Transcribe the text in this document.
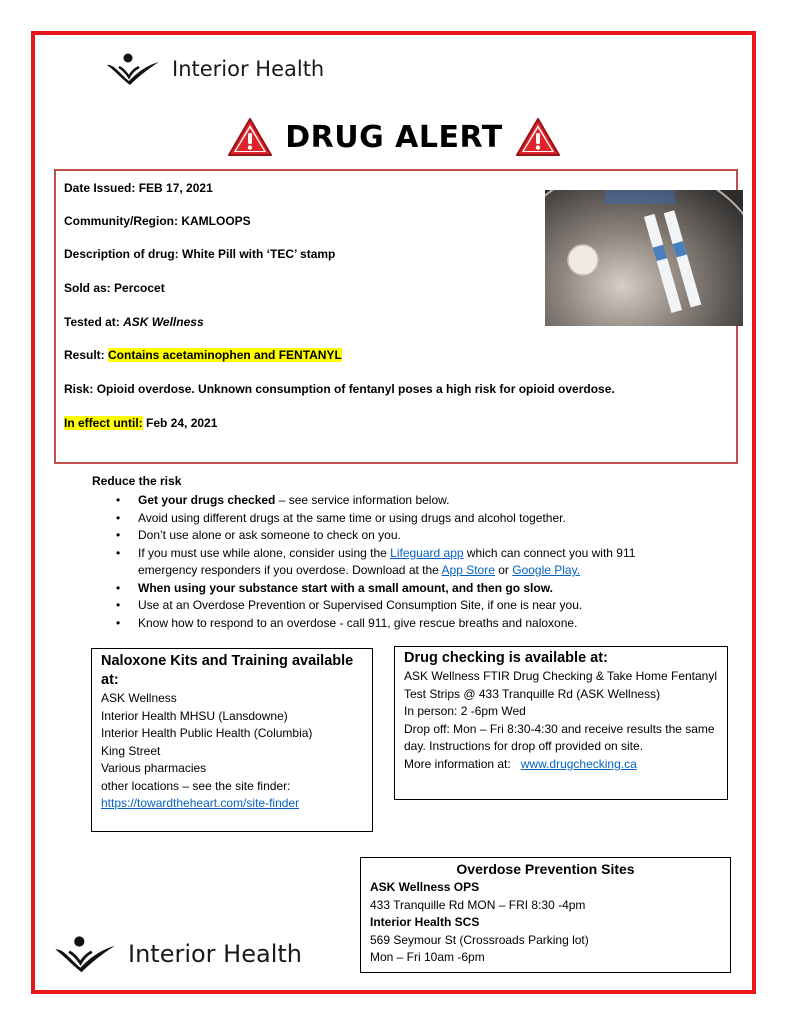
Interior Health
DRUG ALERT
Date Issued: FEB 17, 2021
Community/Region: KAMLOOPS
Description of drug: White Pill with ‘TEC’ stamp
Sold as: Percocet
Tested at: ASK Wellness
Result: Contains acetaminophen and FENTANYL
Risk: Opioid overdose. Unknown consumption of fentanyl poses a high risk for opioid overdose.
In effect until: Feb 24, 2021
Reduce the risk
• Get your drugs checked – see service information below.
• Avoid using different drugs at the same time or using drugs and alcohol together.
• Don’t use alone or ask someone to check on you.
• If you must use while alone, consider using the Lifeguard app which can connect you with 911 emergency responders if you overdose. Download at the App Store or Google Play.
• When using your substance start with a small amount, and then go slow.
• Use at an Overdose Prevention or Supervised Consumption Site, if one is near you.
• Know how to respond to an overdose - call 911, give rescue breaths and naloxone.
Naloxone Kits and Training available at:
ASK Wellness
Interior Health MHSU (Lansdowne)
Interior Health Public Health (Columbia)
King Street
Various pharmacies
other locations – see the site finder:
https://towardtheheart.com/site-finder
Drug checking is available at:
ASK Wellness FTIR Drug Checking & Take Home Fentanyl Test Strips @ 433 Tranquille Rd (ASK Wellness)
In person: 2 -6pm Wed
Drop off: Mon – Fri 8:30-4:30 and receive results the same day. Instructions for drop off provided on site.
More information at: www.drugchecking.ca
Overdose Prevention Sites
ASK Wellness OPS
433 Tranquille Rd MON – FRI 8:30 -4pm
Interior Health SCS
569 Seymour St (Crossroads Parking lot)
Mon – Fri 10am -6pm
Interior Health
